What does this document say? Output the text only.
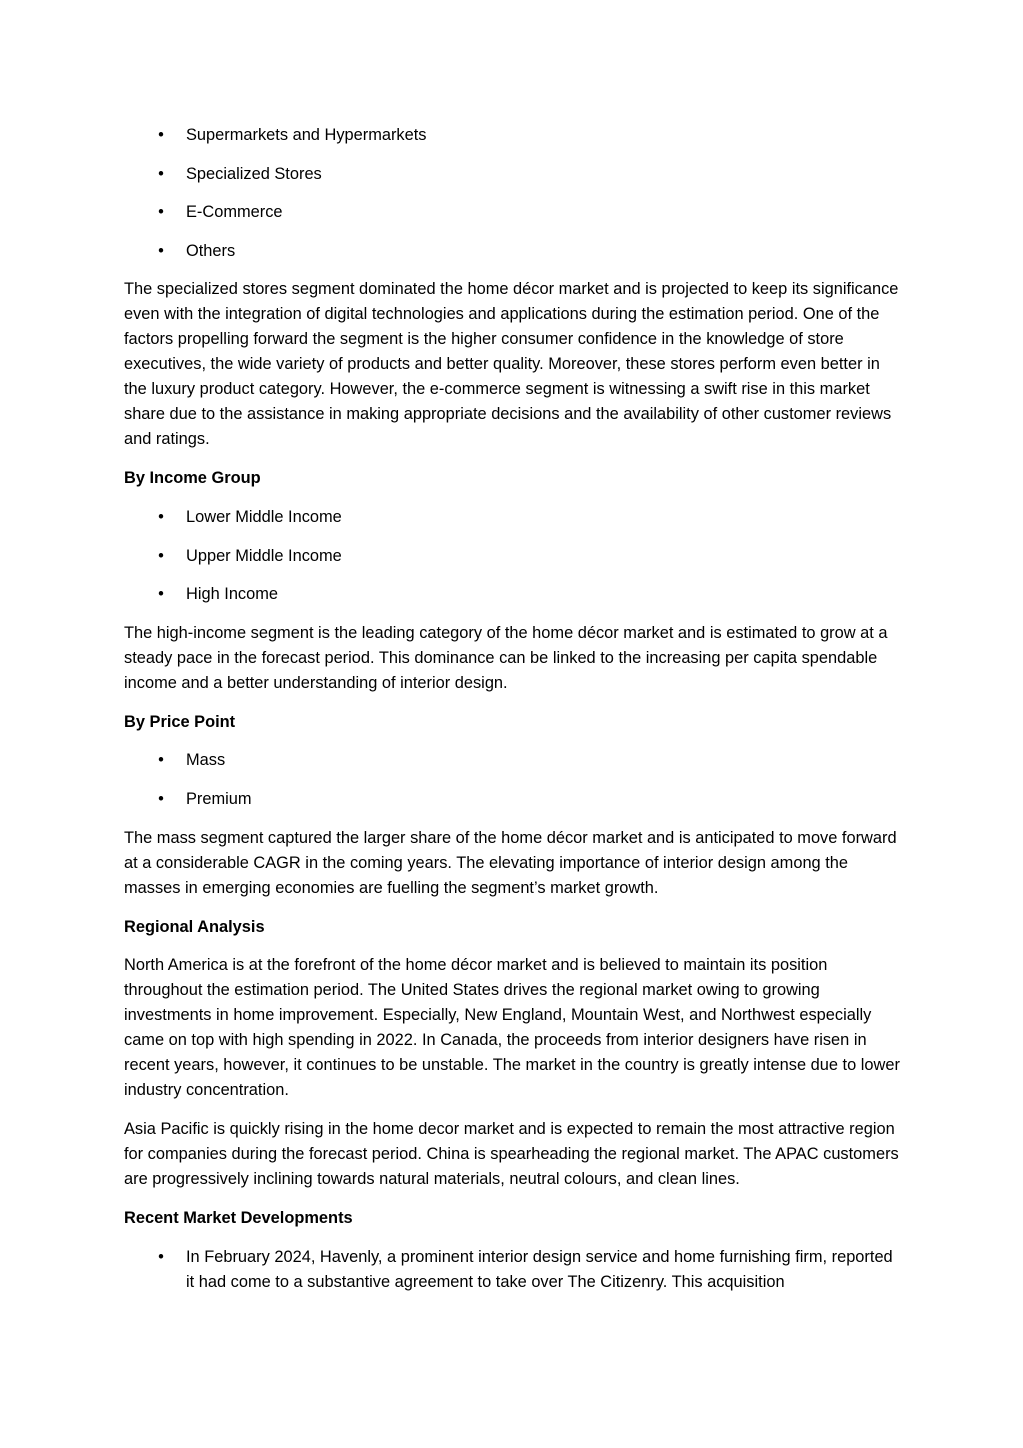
• Supermarkets and Hypermarkets
• Specialized Stores
• E-Commerce
• Others

The specialized stores segment dominated the home décor market and is projected to keep its significance even with the integration of digital technologies and applications during the estimation period. One of the factors propelling forward the segment is the higher consumer confidence in the knowledge of store executives, the wide variety of products and better quality. Moreover, these stores perform even better in the luxury product category. However, the e-commerce segment is witnessing a swift rise in this market share due to the assistance in making appropriate decisions and the availability of other customer reviews and ratings.

By Income Group

• Lower Middle Income
• Upper Middle Income
• High Income

The high-income segment is the leading category of the home décor market and is estimated to grow at a steady pace in the forecast period. This dominance can be linked to the increasing per capita spendable income and a better understanding of interior design.

By Price Point

• Mass
• Premium

The mass segment captured the larger share of the home décor market and is anticipated to move forward at a considerable CAGR in the coming years. The elevating importance of interior design among the masses in emerging economies are fuelling the segment’s market growth.

Regional Analysis

North America is at the forefront of the home décor market and is believed to maintain its position throughout the estimation period. The United States drives the regional market owing to growing investments in home improvement. Especially, New England, Mountain West, and Northwest especially came on top with high spending in 2022. In Canada, the proceeds from interior designers have risen in recent years, however, it continues to be unstable. The market in the country is greatly intense due to lower industry concentration.

Asia Pacific is quickly rising in the home decor market and is expected to remain the most attractive region for companies during the forecast period. China is spearheading the regional market. The APAC customers are progressively inclining towards natural materials, neutral colours, and clean lines.

Recent Market Developments

• In February 2024, Havenly, a prominent interior design service and home furnishing firm, reported it had come to a substantive agreement to take over The Citizenry. This acquisition
